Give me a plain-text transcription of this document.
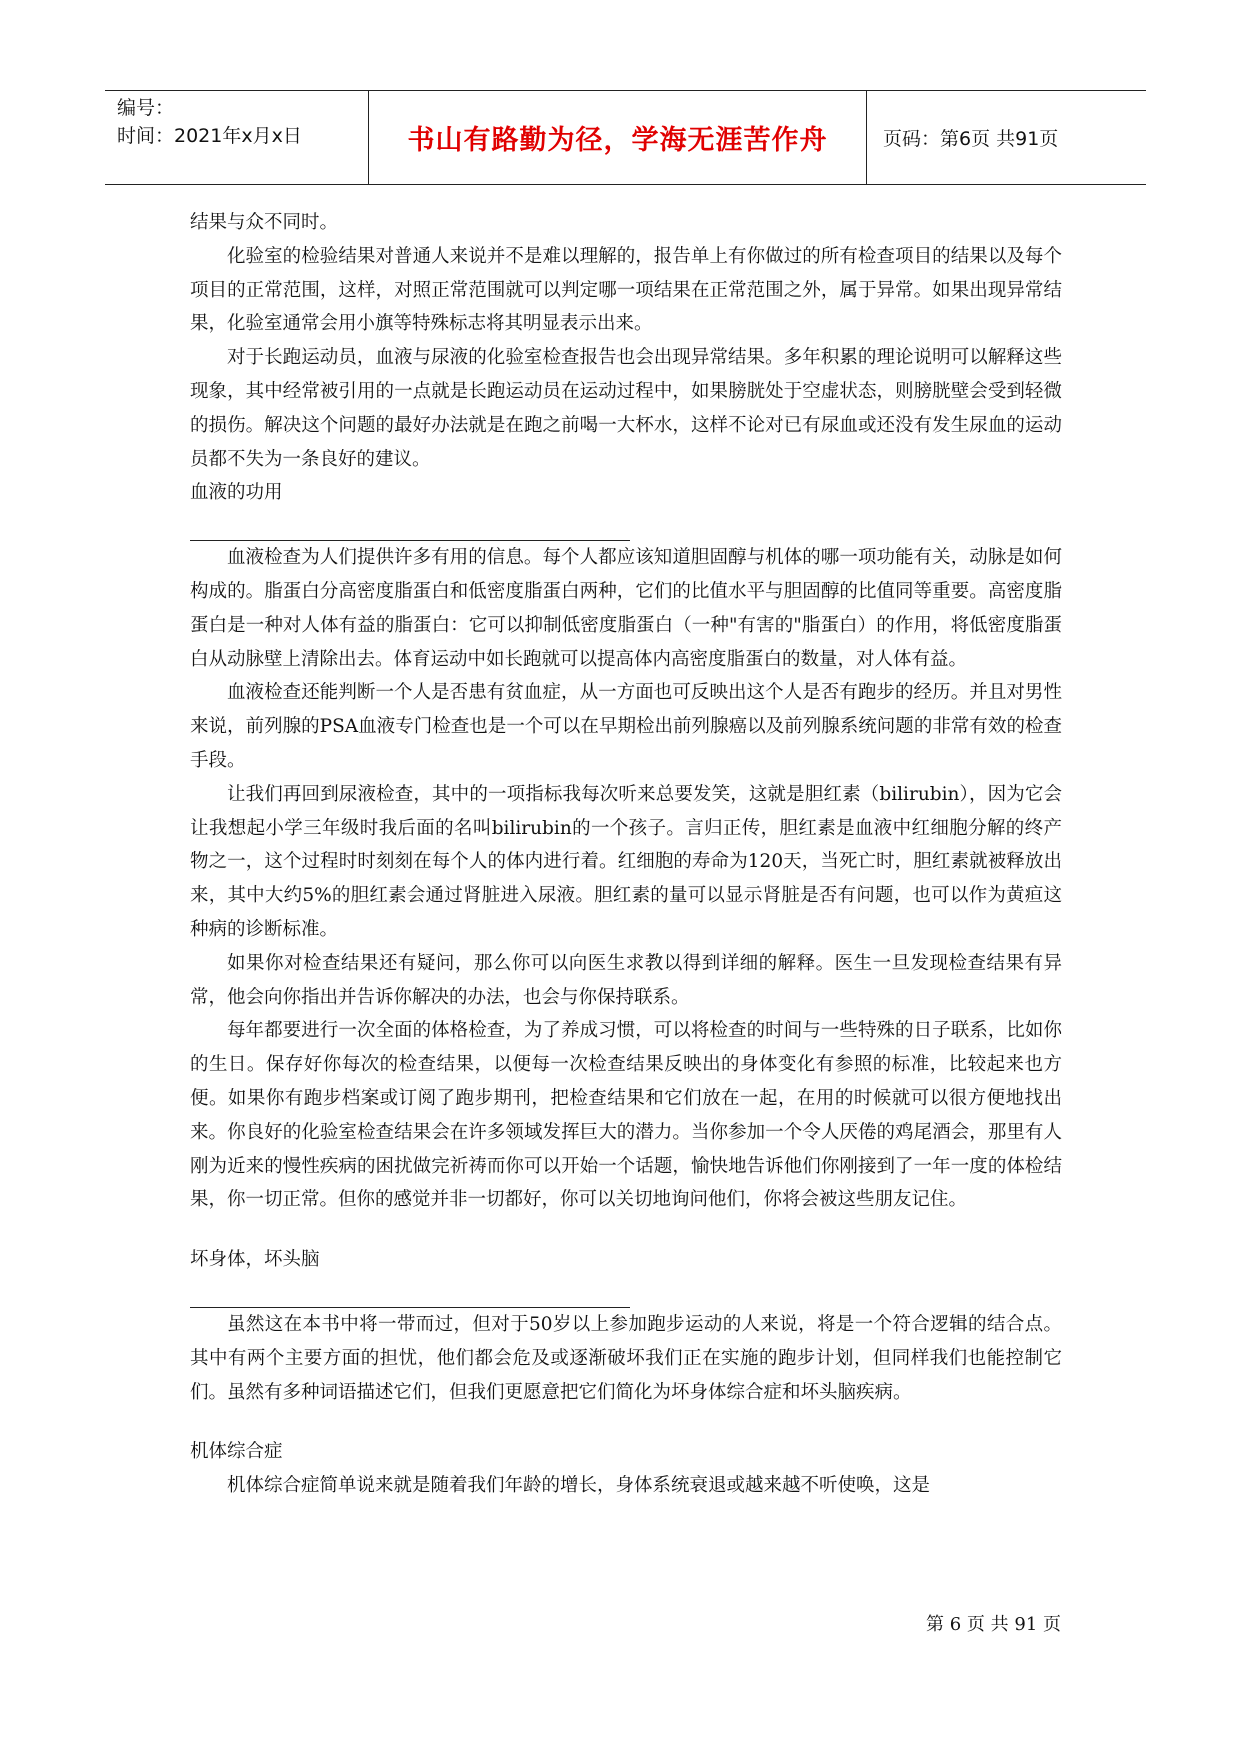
编号：
时间：2021年x月x日	书山有路勤为径，学海无涯苦作舟	页码：第6页 共91页

结果与众不同时。

化验室的检验结果对普通人来说并不是难以理解的，报告单上有你做过的所有检查项目的结果以及每个项目的正常范围，这样，对照正常范围就可以判定哪一项结果在正常范围之外，属于异常。如果出现异常结果，化验室通常会用小旗等特殊标志将其明显表示出来。

对于长跑运动员，血液与尿液的化验室检查报告也会出现异常结果。多年积累的理论说明可以解释这些现象，其中经常被引用的一点就是长跑运动员在运动过程中，如果膀胱处于空虚状态，则膀胱壁会受到轻微的损伤。解决这个问题的最好办法就是在跑之前喝一大杯水，这样不论对已有尿血或还没有发生尿血的运动员都不失为一条良好的建议。

血液的功用

血液检查为人们提供许多有用的信息。每个人都应该知道胆固醇与机体的哪一项功能有关，动脉是如何构成的。脂蛋白分高密度脂蛋白和低密度脂蛋白两种，它们的比值水平与胆固醇的比值同等重要。高密度脂蛋白是一种对人体有益的脂蛋白：它可以抑制低密度脂蛋白（一种"有害的"脂蛋白）的作用，将低密度脂蛋白从动脉壁上清除出去。体育运动中如长跑就可以提高体内高密度脂蛋白的数量，对人体有益。

血液检查还能判断一个人是否患有贫血症，从一方面也可反映出这个人是否有跑步的经历。并且对男性来说，前列腺的PSA血液专门检查也是一个可以在早期检出前列腺癌以及前列腺系统问题的非常有效的检查手段。

让我们再回到尿液检查，其中的一项指标我每次听来总要发笑，这就是胆红素（bilirubin），因为它会让我想起小学三年级时我后面的名叫bilirubin的一个孩子。言归正传，胆红素是血液中红细胞分解的终产物之一，这个过程时时刻刻在每个人的体内进行着。红细胞的寿命为120天，当死亡时，胆红素就被释放出来，其中大约5%的胆红素会通过肾脏进入尿液。胆红素的量可以显示肾脏是否有问题，也可以作为黄疸这种病的诊断标准。

如果你对检查结果还有疑问，那么你可以向医生求教以得到详细的解释。医生一旦发现检查结果有异常，他会向你指出并告诉你解决的办法，也会与你保持联系。

每年都要进行一次全面的体格检查，为了养成习惯，可以将检查的时间与一些特殊的日子联系，比如你的生日。保存好你每次的检查结果，以便每一次检查结果反映出的身体变化有参照的标准，比较起来也方便。如果你有跑步档案或订阅了跑步期刊，把检查结果和它们放在一起，在用的时候就可以很方便地找出来。你良好的化验室检查结果会在许多领域发挥巨大的潜力。当你参加一个令人厌倦的鸡尾酒会，那里有人刚为近来的慢性疾病的困扰做完祈祷而你可以开始一个话题，愉快地告诉他们你刚接到了一年一度的体检结果，你一切正常。但你的感觉并非一切都好，你可以关切地询问他们，你将会被这些朋友记住。

坏身体，坏头脑

虽然这在本书中将一带而过，但对于50岁以上参加跑步运动的人来说，将是一个符合逻辑的结合点。其中有两个主要方面的担忧，他们都会危及或逐渐破坏我们正在实施的跑步计划，但同样我们也能控制它们。虽然有多种词语描述它们，但我们更愿意把它们简化为坏身体综合症和坏头脑疾病。

机体综合症

机体综合症简单说来就是随着我们年龄的增长，身体系统衰退或越来越不听使唤，这是

第 6 页 共 91 页
